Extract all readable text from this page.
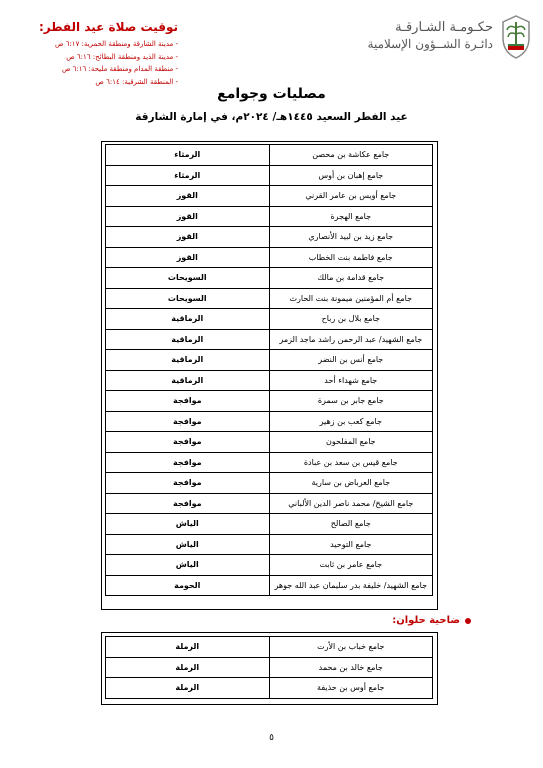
توقيت صلاة عيد الفطر:
- مدينة الشارقة ومنطقة الحمرية: ٦:١٧ ص
- مدينة الذيد ومنطقة البطائح: ٦:١٦ ص
- منطقة المدام ومنطقة مليحة: ٦:١٦ ص
- المنطقة الشرقية: ٦:١٤ ص
حكـومـة الشـارقـة
دائـرة الشــؤون الإسلامية
مصليات وجوامع
عيد الفطر السعيد ١٤٤٥هـ/ ٢٠٢٤م، في إمارة الشارقة
جامع عكاشة بن محصن	الرمثاء
جامع إهبان بن أوس	الرمثاء
جامع أويس بن عامر القرني	القوز
جامع الهجرة	القوز
جامع زيد بن لبيد الأنصاري	القوز
جامع فاطمة بنت الخطاب	القوز
جامع قدامة بن مالك	السويحات
جامع أم المؤمنين ميمونة بنت الحارث	السويحات
جامع بلال بن رباح	الرماقية
جامع الشهيد/ عبد الرحمن راشد ماجد الزمر	الرماقية
جامع أنس بن النضر	الرماقية
جامع شهداء أحد	الرماقية
جامع جابر بن سمرة	موافجة
جامع كعب بن زهير	موافجة
جامع المفلحون	موافجة
جامع قيس بن سعد بن عبادة	موافجة
جامع العرباض بن سارية	موافجة
جامع الشيخ/ محمد ناصر الدين الألباني	موافجة
جامع الصالح	الياش
جامع التوحيد	الياش
جامع عامر بن ثابت	الياش
جامع الشهيد/ خليفة بدر سليمان عبد الله جوهر	الحومة
ضاحية حلوان:
جامع خباب بن الأرت	الرملة
جامع خالد بن محمد	الرملة
جامع أوس بن حذيفة	الرملة
٥
